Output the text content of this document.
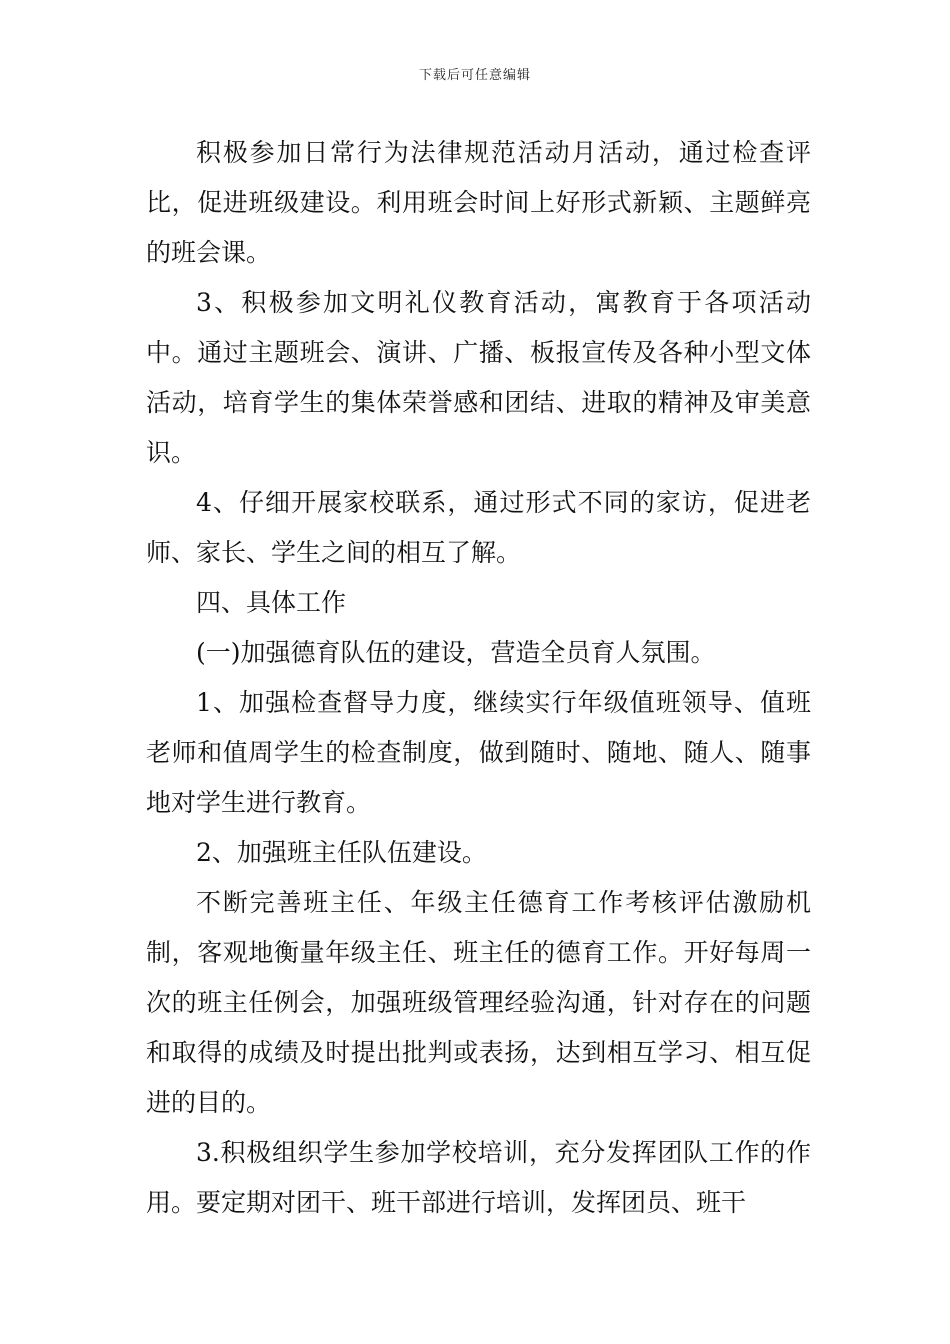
下载后可任意编辑

积极参加日常行为法律规范活动月活动，通过检查评比，促进班级建设。利用班会时间上好形式新颖、主题鲜亮的班会课。

3、积极参加文明礼仪教育活动，寓教育于各项活动中。通过主题班会、演讲、广播、板报宣传及各种小型文体活动，培育学生的集体荣誉感和团结、进取的精神及审美意识。

4、仔细开展家校联系，通过形式不同的家访，促进老师、家长、学生之间的相互了解。

四、具体工作

(一)加强德育队伍的建设，营造全员育人氛围。

1、加强检查督导力度，继续实行年级值班领导、值班老师和值周学生的检查制度，做到随时、随地、随人、随事地对学生进行教育。

2、加强班主任队伍建设。

不断完善班主任、年级主任德育工作考核评估激励机制，客观地衡量年级主任、班主任的德育工作。开好每周一次的班主任例会，加强班级管理经验沟通，针对存在的问题和取得的成绩及时提出批判或表扬，达到相互学习、相互促进的目的。

3.积极组织学生参加学校培训，充分发挥团队工作的作用。要定期对团干、班干部进行培训，发挥团员、班干
